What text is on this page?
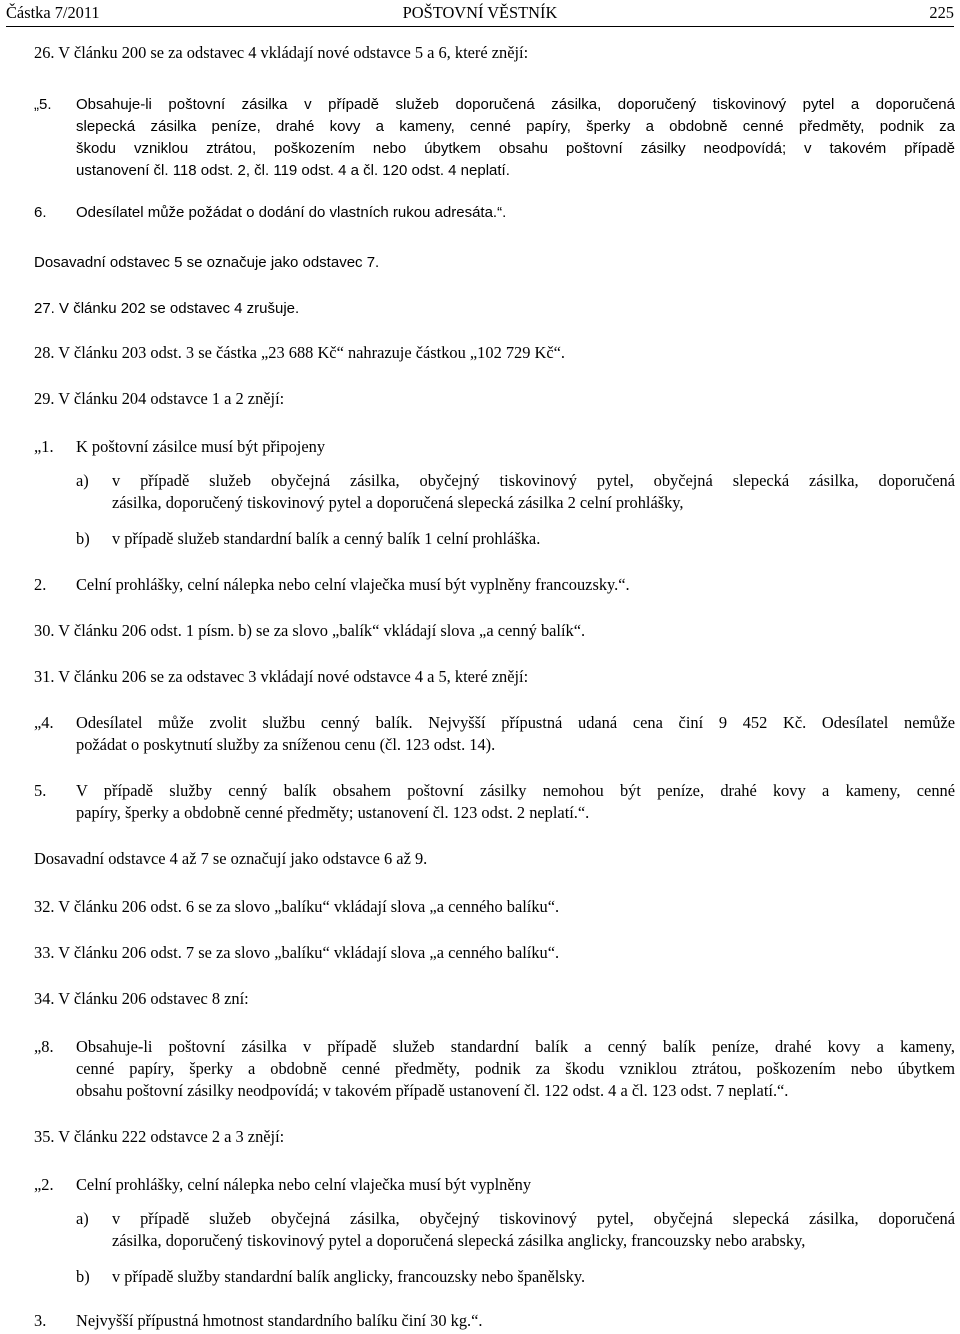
Částka 7/2011	POŠTOVNÍ VĚSTNÍK	225

26. V článku 200 se za odstavec 4 vkládají nové odstavce 5 a 6, které znějí:

„5. Obsahuje-li poštovní zásilka v případě služeb doporučená zásilka, doporučený tiskovinový pytel a doporučená

slepecká zásilka peníze, drahé kovy a kameny, cenné papíry, šperky a obdobně cenné předměty, podnik za

škodu vzniklou ztrátou, poškozením nebo úbytkem obsahu poštovní zásilky neodpovídá; v takovém případě

ustanovení čl. 118 odst. 2, čl. 119 odst. 4 a čl. 120 odst. 4 neplatí.

6. Odesílatel může požádat o dodání do vlastních rukou adresáta.“.

Dosavadní odstavec 5 se označuje jako odstavec 7.

27. V článku 202 se odstavec 4 zrušuje.

28. V článku 203 odst. 3 se částka „23 688 Kč“ nahrazuje částkou „102 729 Kč“.

29. V článku 204 odstavce 1 a 2 znějí:

„1. K poštovní zásilce musí být připojeny

a) v případě služeb obyčejná zásilka, obyčejný tiskovinový pytel, obyčejná slepecká zásilka, doporučená

zásilka, doporučený tiskovinový pytel a doporučená slepecká zásilka 2 celní prohlášky,

b) v případě služeb standardní balík a cenný balík 1 celní prohláška.

2. Celní prohlášky, celní nálepka nebo celní vlaječka musí být vyplněny francouzsky.“.

30. V článku 206 odst. 1 písm. b) se za slovo „balík“ vkládají slova „a cenný balík“.

31. V článku 206 se za odstavec 3 vkládají nové odstavce 4 a 5, které znějí:

„4. Odesílatel může zvolit službu cenný balík. Nejvyšší přípustná udaná cena činí 9 452 Kč. Odesílatel nemůže

požádat o poskytnutí služby za sníženou cenu (čl. 123 odst. 14).

5. V případě služby cenný balík obsahem poštovní zásilky nemohou být peníze, drahé kovy a kameny, cenné

papíry, šperky a obdobně cenné předměty; ustanovení čl. 123 odst. 2 neplatí.“.

Dosavadní odstavce 4 až 7 se označují jako odstavce 6 až 9.

32. V článku 206 odst. 6 se za slovo „balíku“ vkládají slova „a cenného balíku“.

33. V článku 206 odst. 7 se za slovo „balíku“ vkládají slova „a cenného balíku“.

34. V článku 206 odstavec 8 zní:

„8. Obsahuje-li poštovní zásilka v případě služeb standardní balík a cenný balík peníze, drahé kovy a kameny,

cenné papíry, šperky a obdobně cenné předměty, podnik za škodu vzniklou ztrátou, poškozením nebo úbytkem

obsahu poštovní zásilky neodpovídá; v takovém případě ustanovení čl. 122 odst. 4 a čl. 123 odst. 7 neplatí.“.

35. V článku 222 odstavce 2 a 3 znějí:

„2. Celní prohlášky, celní nálepka nebo celní vlaječka musí být vyplněny

a) v případě služeb obyčejná zásilka, obyčejný tiskovinový pytel, obyčejná slepecká zásilka, doporučená

zásilka, doporučený tiskovinový pytel a doporučená slepecká zásilka anglicky, francouzsky nebo arabsky,

b) v případě služby standardní balík anglicky, francouzsky nebo španělsky.

3. Nejvyšší přípustná hmotnost standardního balíku činí 30 kg.“.
